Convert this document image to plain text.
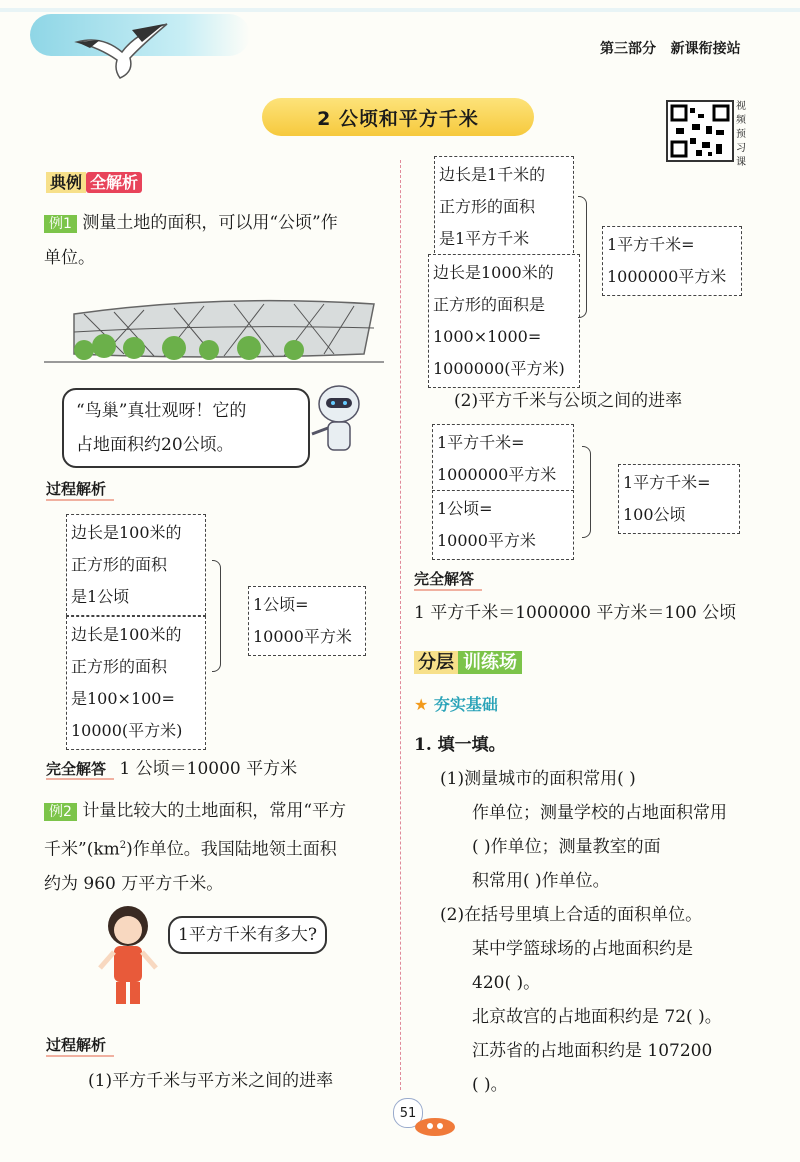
第三部分 新课衔接站
2 公顷和平方千米
视频预习课
典例 全解析
例1 测量土地的面积，可以用“公顷”作
单位。
“鸟巢”真壮观呀！它的
占地面积约20公顷。
过程解析
边长是100米的
正方形的面积
是1公顷
边长是100米的
正方形的面积
是100×100=
10000(平方米)
1公顷=
10000平方米
完全解答 1 公顷＝10000 平方米
例2 计量比较大的土地面积，常用“平方
千米$”(km^2)$作单位。我国陆地领土面积
约为 960 万平方千米。
1平方千米有多大?
过程解析
(1)平方千米与平方米之间的进率
边长是1千米的
正方形的面积
是1平方千米
边长是1000米的
正方形的面积是
1000×1000=
1000000(平方米)
1平方千米=
1000000平方米
(2)平方千米与公顷之间的进率
1平方千米=
1000000平方米
1公顷=
10000平方米
1平方千米=
100公顷
完全解答
1 平方千米＝1000000 平方米＝100 公顷
分层 训练场
★ 夯实基础
1. 填一填。
(1)测量城市的面积常用( )
作单位；测量学校的占地面积常用
( )作单位；测量教室的面
积常用( )作单位。
(2)在括号里填上合适的面积单位。
某中学篮球场的占地面积约是
420( )。
北京故宫的占地面积约是 72( )。
江苏省的占地面积约是 107200
( )。
51
